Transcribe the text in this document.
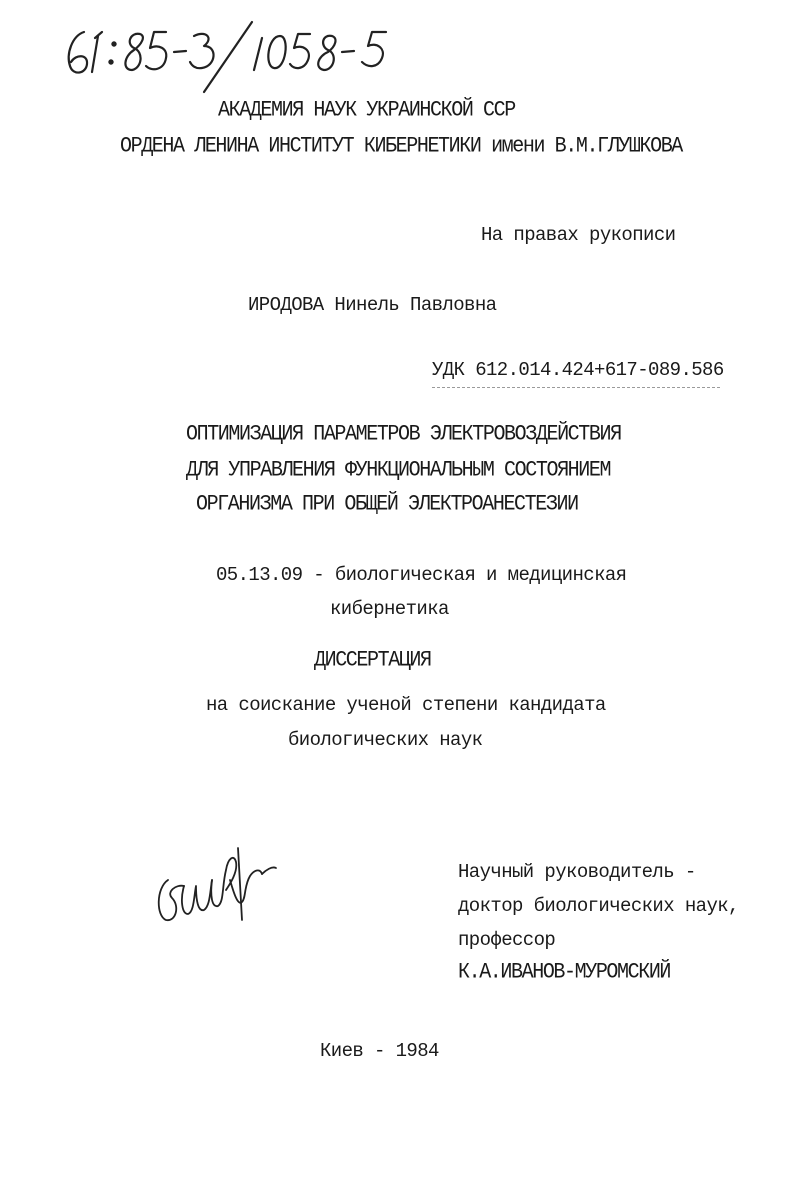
АКАДЕМИЯ НАУК УКРАИНСКОЙ ССР
ОРДЕНА ЛЕНИНА ИНСТИТУТ КИБЕРНЕТИКИ имени В.М.ГЛУШКОВА
На правах рукописи
ИРОДОВА Нинель Павловна
УДК 612.014.424+617-089.586
ОПТИМИЗАЦИЯ ПАРАМЕТРОВ ЭЛЕКТРОВОЗДЕЙСТВИЯ
ДЛЯ УПРАВЛЕНИЯ ФУНКЦИОНАЛЬНЫМ СОСТОЯНИЕМ
ОРГАНИЗМА ПРИ ОБЩЕЙ ЭЛЕКТРОАНЕСТЕЗИИ
05.13.09 - биологическая и медицинская
кибернетика
ДИССЕРТАЦИЯ
на соискание ученой степени кандидата
биологических наук
Научный руководитель -
доктор биологических наук,
профессор
К.А.ИВАНОВ-МУРОМСКИЙ
Киев - 1984
